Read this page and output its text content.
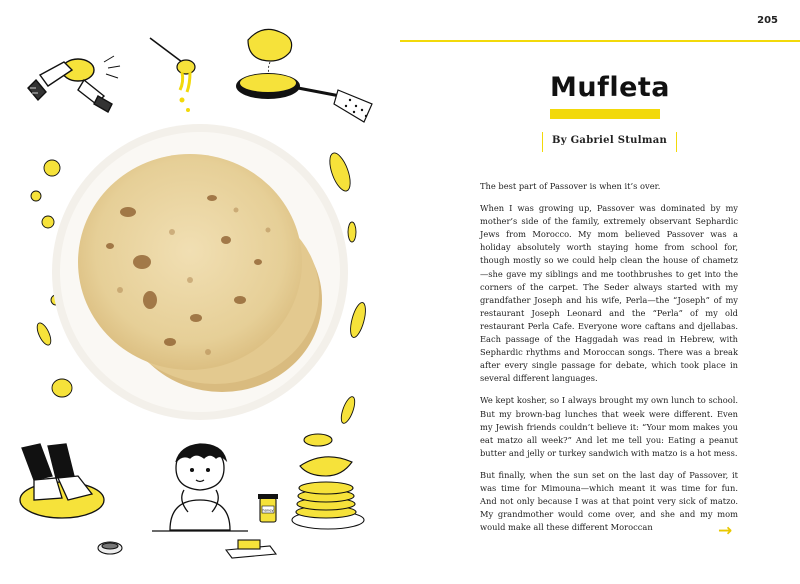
honey
205
Mufleta
By Gabriel Stulman

The best part of Passover is when it’s over.

When I was growing up, Passover was dominated by my mother’s side of the family, extremely observant Sephardic Jews from Morocco. My mom believed Passover was a holiday absolutely worth staying home from school for, though mostly so we could help clean the house of chametz—she gave my siblings and me toothbrushes to get into the corners of the carpet. The Seder always started with my grandfather Joseph and his wife, Perla—the “Joseph” of my restaurant Joseph Leonard and the “Perla” of my old restaurant Perla Cafe. Everyone wore caftans and djellabas. Each passage of the Haggadah was read in Hebrew, with Sephardic rhythms and Moroccan songs. There was a break after every single passage for debate, which took place in several different languages.

We kept kosher, so I always brought my own lunch to school. But my brown-bag lunches that week were different. Even my Jewish friends couldn’t believe it: “Your mom makes you eat matzo all week?” And let me tell you: Eating a peanut butter and jelly or turkey sandwich with matzo is a hot mess.

But finally, when the sun set on the last day of Passover, it was time for Mimouna—which meant it was time for fun. And not only because I was at that point very sick of matzo. My grandmother would come over, and she and my mom would make all these different Moroccan	→
